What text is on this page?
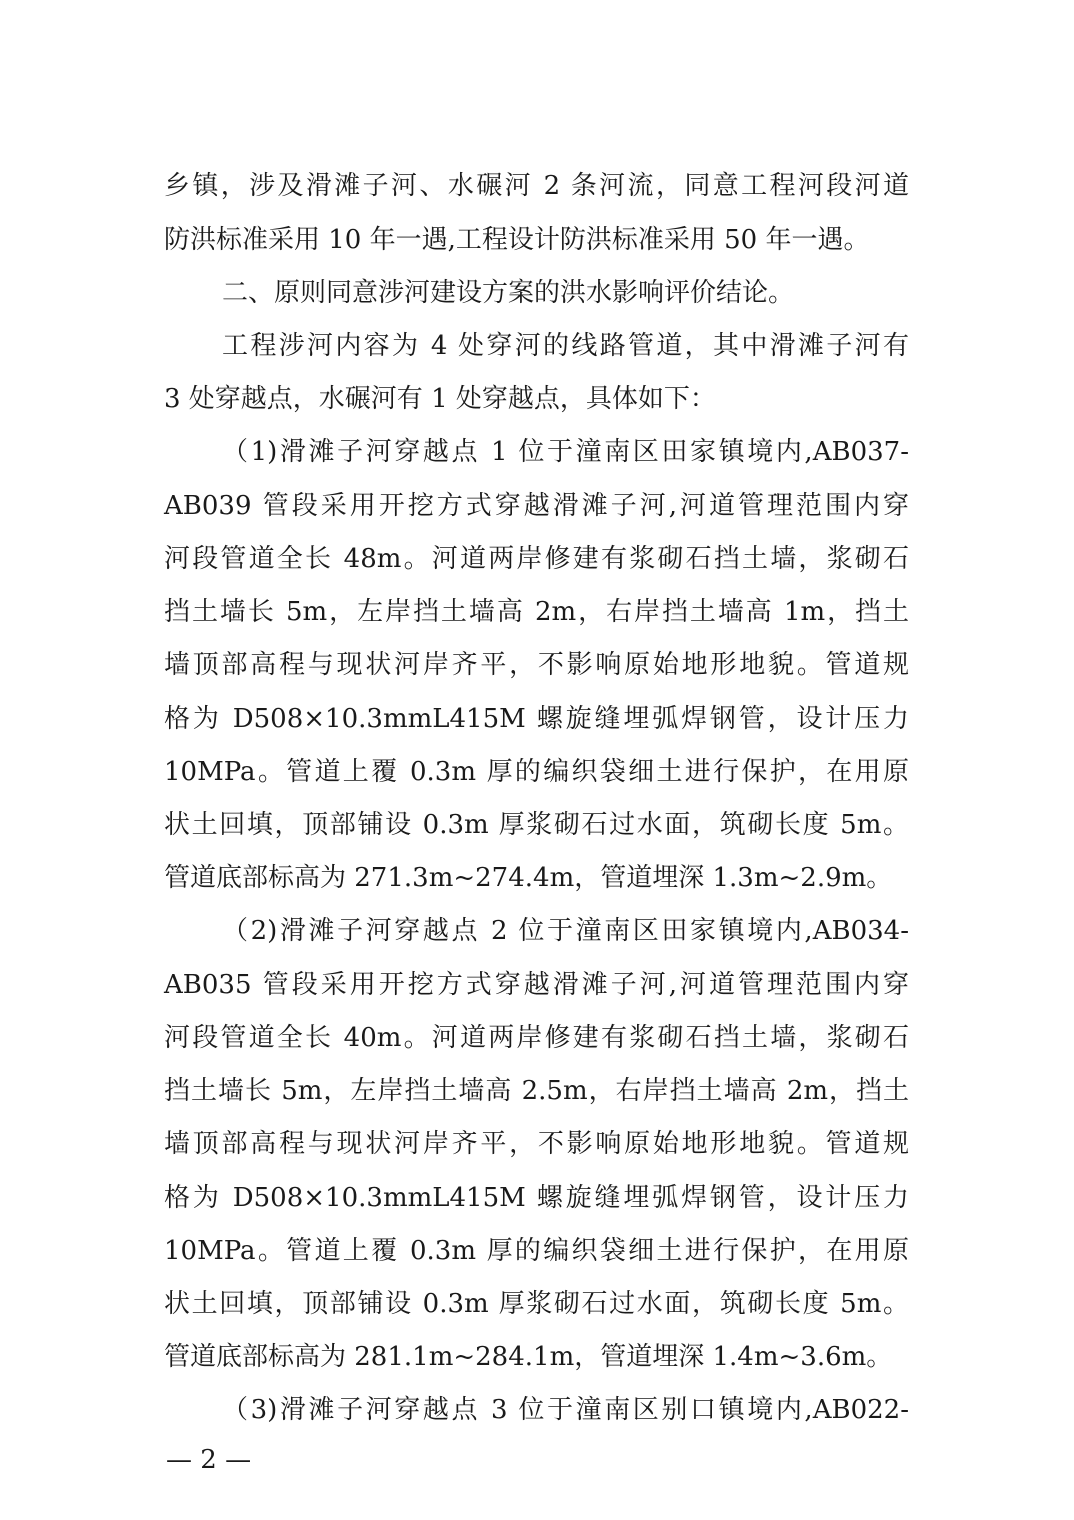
乡镇，涉及滑滩子河、水碾河 2 条河流，同意工程河段河道
防洪标准采用 10 年一遇,工程设计防洪标准采用 50 年一遇。
二、原则同意涉河建设方案的洪水影响评价结论。
工程涉河内容为 4 处穿河的线路管道，其中滑滩子河有
3 处穿越点，水碾河有 1 处穿越点，具体如下：
（1)滑滩子河穿越点 1 位于潼南区田家镇境内,AB037-
AB039 管段采用开挖方式穿越滑滩子河,河道管理范围内穿
河段管道全长 48m。河道两岸修建有浆砌石挡土墙，浆砌石
挡土墙长 5m，左岸挡土墙高 2m，右岸挡土墙高 1m，挡土
墙顶部高程与现状河岸齐平，不影响原始地形地貌。管道规
格为 D508×10.3mmL415M 螺旋缝埋弧焊钢管，设计压力
10MPa。管道上覆 0.3m 厚的编织袋细土进行保护，在用原
状土回填，顶部铺设 0.3m 厚浆砌石过水面，筑砌长度 5m。
管道底部标高为 271.3m~274.4m，管道埋深 1.3m~2.9m。
（2)滑滩子河穿越点 2 位于潼南区田家镇境内,AB034-
AB035 管段采用开挖方式穿越滑滩子河,河道管理范围内穿
河段管道全长 40m。河道两岸修建有浆砌石挡土墙，浆砌石
挡土墙长 5m，左岸挡土墙高 2.5m，右岸挡土墙高 2m，挡土
墙顶部高程与现状河岸齐平，不影响原始地形地貌。管道规
格为 D508×10.3mmL415M 螺旋缝埋弧焊钢管，设计压力
10MPa。管道上覆 0.3m 厚的编织袋细土进行保护，在用原
状土回填，顶部铺设 0.3m 厚浆砌石过水面，筑砌长度 5m。
管道底部标高为 281.1m~284.1m，管道埋深 1.4m~3.6m。
（3)滑滩子河穿越点 3 位于潼南区别口镇境内,AB022-
— 2 —
